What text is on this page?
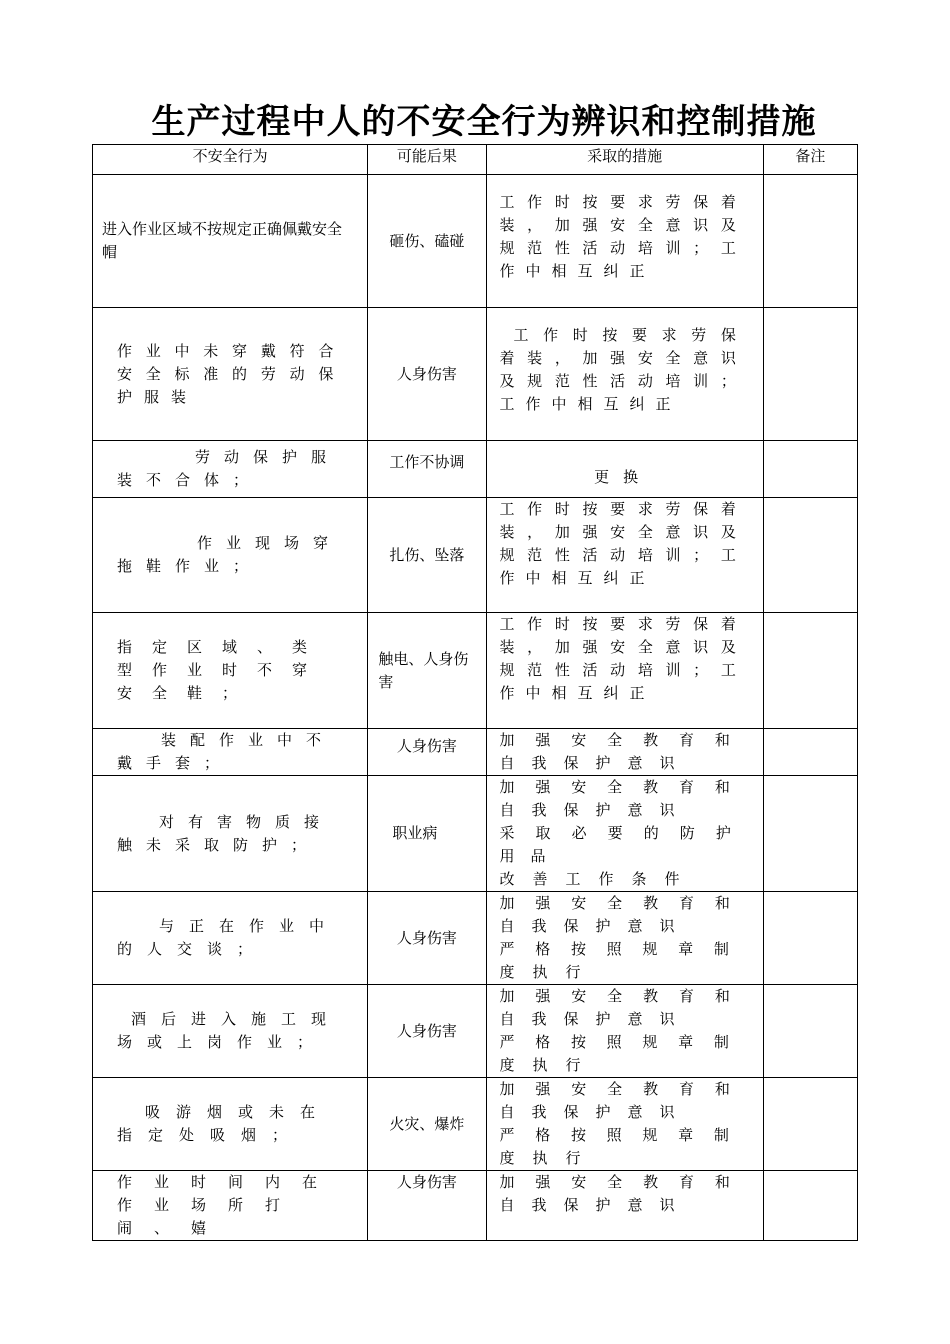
生产过程中人的不安全行为辨识和控制措施
不安全行为	可能后果	采取的措施	备注

进入作业区域不按规定正确佩戴安全帽	砸伤、磕碰	工作时按要求劳保着装，加强安全意识及规范性活动培训；工作中相互纠正	

作业中未穿戴符合安全标准的劳动保护服装	人身伤害	工作时按要求劳保着装，加强安全意识及规范性活动培训；工作中相互纠正	

劳动保护服装不合体；	工作不协调	更换	

作业现场穿拖鞋作业；	扎伤、坠落	工作时按要求劳保着装，加强安全意识及规范性活动培训；工作中相互纠正	

指定区域、类型作业时不穿安全鞋；	触电、人身伤害	工作时按要求劳保着装，加强安全意识及规范性活动培训；工作中相互纠正	

装配作业中不戴手套；	人身伤害	加强安全教育和自我保护意识	

对有害物质接触未采取防护；	职业病	加强安全教育和自我保护意识
采取必要的防护用品
改善工作条件	

与正在作业中的人交谈；	人身伤害	加强安全教育和自我保护意识
严格按照规章制度执行	

酒后进入施工现场或上岗作业；	人身伤害	加强安全教育和自我保护意识
严格按照规章制度执行	

吸游烟或未在指定处吸烟；	火灾、爆炸	加强安全教育和自我保护意识
严格按照规章制度执行	

作业时间内在作业场所打闹、嬉	人身伤害	加强安全教育和自我保护意识	
